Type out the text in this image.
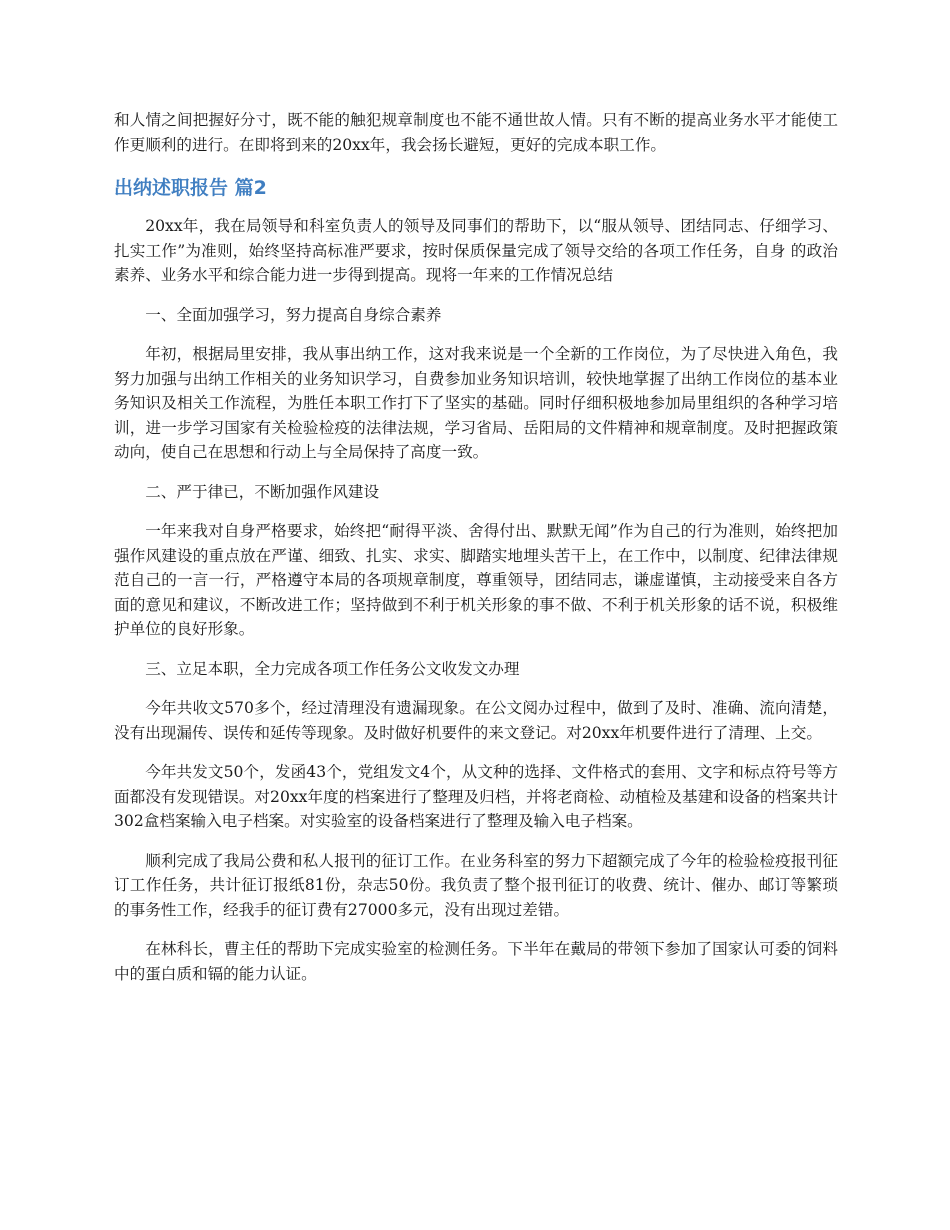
和人情之间把握好分寸，既不能的触犯规章制度也不能不通世故人情。只有不断的提高业务水平才能使工作更顺利的进行。在即将到来的20xx年，我会扬长避短，更好的完成本职工作。

出纳述职报告 篇2

20xx年，我在局领导和科室负责人的领导及同事们的帮助下，以“服从领导、团结同志、仔细学习、扎实工作”为准则，始终坚持高标准严要求，按时保质保量完成了领导交给的各项工作任务，自身 的政治素养、业务水平和综合能力进一步得到提高。现将一年来的工作情况总结

一、全面加强学习，努力提高自身综合素养

年初，根据局里安排，我从事出纳工作，这对我来说是一个全新的工作岗位，为了尽快进入角色，我努力加强与出纳工作相关的业务知识学习，自费参加业务知识培训，较快地掌握了出纳工作岗位的基本业务知识及相关工作流程，为胜任本职工作打下了坚实的基础。同时仔细积极地参加局里组织的各种学习培训，进一步学习国家有关检验检疫的法律法规，学习省局、岳阳局的文件精神和规章制度。及时把握政策动向，使自己在思想和行动上与全局保持了高度一致。

二、严于律已，不断加强作风建设

一年来我对自身严格要求，始终把“耐得平淡、舍得付出、默默无闻”作为自己的行为准则，始终把加强作风建设的重点放在严谨、细致、扎实、求实、脚踏实地埋头苦干上，在工作中，以制度、纪律法律规范自己的一言一行，严格遵守本局的各项规章制度，尊重领导，团结同志，谦虚谨慎，主动接受来自各方面的意见和建议，不断改进工作；坚持做到不利于机关形象的事不做、不利于机关形象的话不说，积极维护单位的良好形象。

三、立足本职，全力完成各项工作任务公文收发文办理

今年共收文570多个，经过清理没有遗漏现象。在公文阅办过程中，做到了及时、准确、流向清楚，没有出现漏传、误传和延传等现象。及时做好机要件的来文登记。对20xx年机要件进行了清理、上交。

今年共发文50个，发函43个，党组发文4个，从文种的选择、文件格式的套用、文字和标点符号等方面都没有发现错误。对20xx年度的档案进行了整理及归档，并将老商检、动植检及基建和设备的档案共计302盒档案输入电子档案。对实验室的设备档案进行了整理及输入电子档案。

顺利完成了我局公费和私人报刊的征订工作。在业务科室的努力下超额完成了今年的检验检疫报刊征订工作任务，共计征订报纸81份，杂志50份。我负责了整个报刊征订的收费、统计、催办、邮订等繁琐的事务性工作，经我手的征订费有27000多元，没有出现过差错。

在林科长，曹主任的帮助下完成实验室的检测任务。下半年在戴局的带领下参加了国家认可委的饲料中的蛋白质和镉的能力认证。
